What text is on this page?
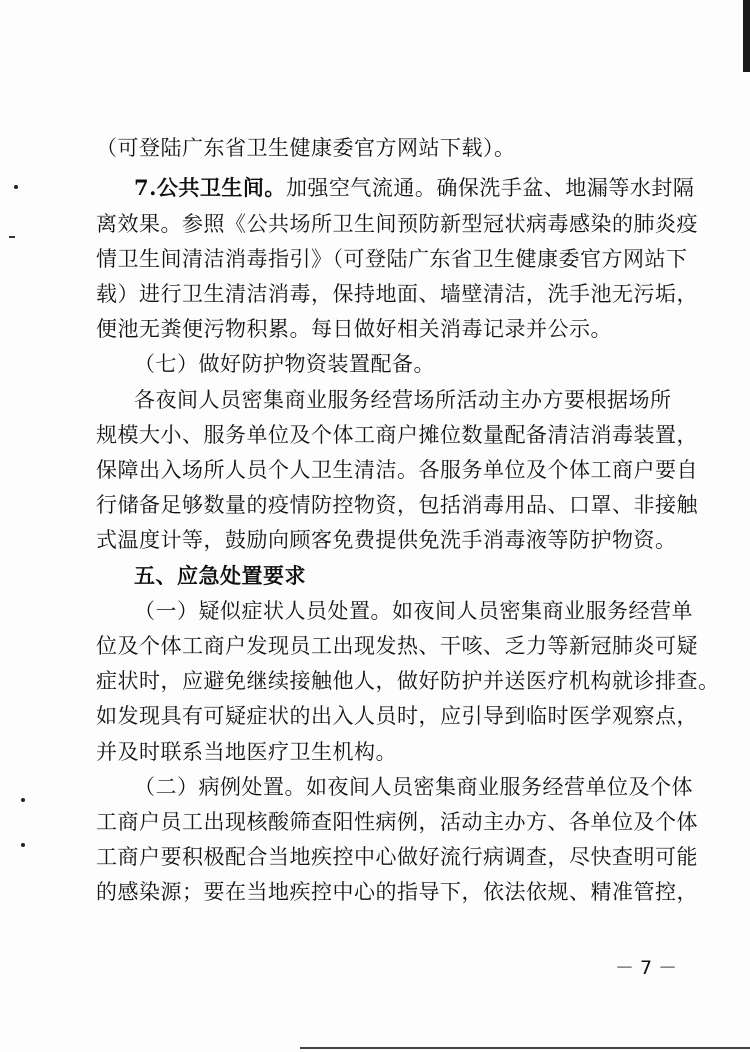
（可登陆广东省卫生健康委官方网站下载）。
7.公共卫生间。加强空气流通。确保洗手盆、地漏等水封隔
离效果。参照《公共场所卫生间预防新型冠状病毒感染的肺炎疫
情卫生间清洁消毒指引》（可登陆广东省卫生健康委官方网站下
载）进行卫生清洁消毒，保持地面、墙壁清洁，洗手池无污垢，
便池无粪便污物积累。每日做好相关消毒记录并公示。
（七）做好防护物资装置配备。
各夜间人员密集商业服务经营场所活动主办方要根据场所
规模大小、服务单位及个体工商户摊位数量配备清洁消毒装置，
保障出入场所人员个人卫生清洁。各服务单位及个体工商户要自
行储备足够数量的疫情防控物资，包括消毒用品、口罩、非接触
式温度计等，鼓励向顾客免费提供免洗手消毒液等防护物资。
五、应急处置要求
（一）疑似症状人员处置。如夜间人员密集商业服务经营单
位及个体工商户发现员工出现发热、干咳、乏力等新冠肺炎可疑
症状时，应避免继续接触他人，做好防护并送医疗机构就诊排查。
如发现具有可疑症状的出入人员时，应引导到临时医学观察点，
并及时联系当地医疗卫生机构。
（二）病例处置。如夜间人员密集商业服务经营单位及个体
工商户员工出现核酸筛查阳性病例，活动主办方、各单位及个体
工商户要积极配合当地疾控中心做好流行病调查，尽快查明可能
的感染源；要在当地疾控中心的指导下，依法依规、精准管控，
－ 7 －
